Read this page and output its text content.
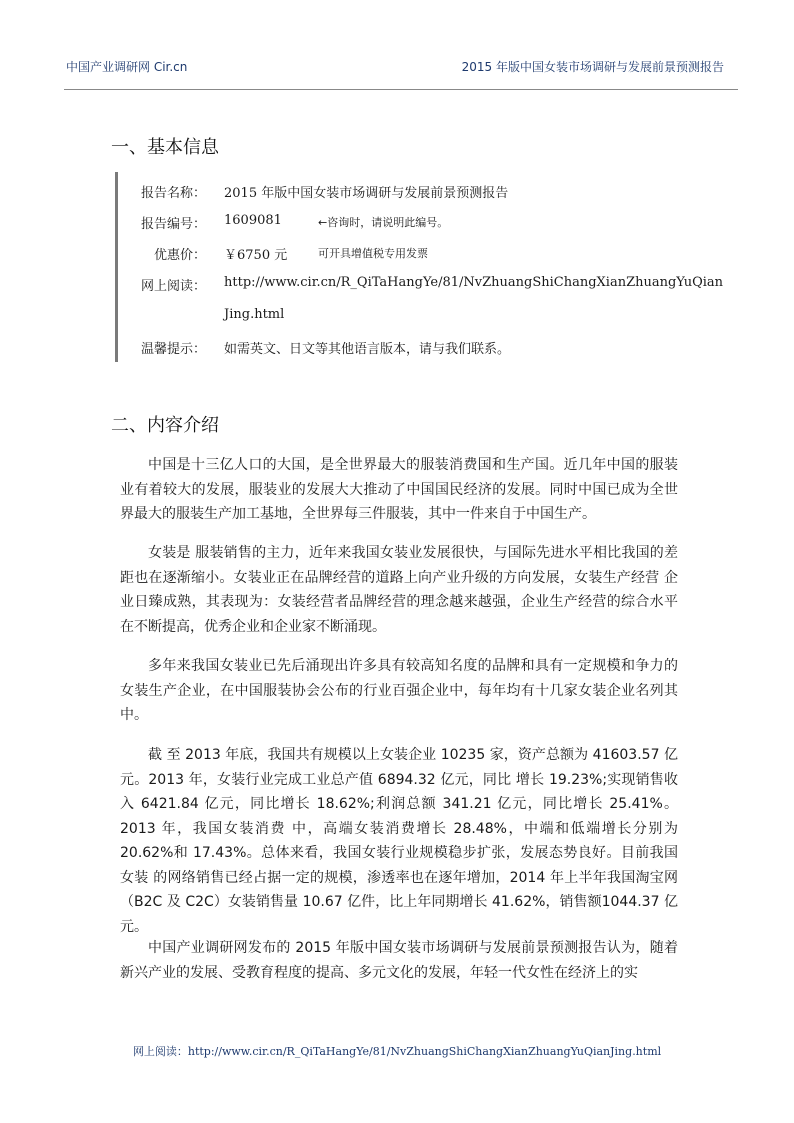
中国产业调研网 Cir.cn	2015 年版中国女装市场调研与发展前景预测报告
一、基本信息
报告名称： 2015 年版中国女装市场调研与发展前景预测报告
报告编号： 1609081	←咨询时，请说明此编号。
优惠价： ￥6750 元	可开具增值税专用发票
网上阅读： http://www.cir.cn/R_QiTaHangYe/81/NvZhuangShiChangXianZhuangYuQian
Jing.html
温馨提示： 如需英文、日文等其他语言版本，请与我们联系。
二、内容介绍

中国是十三亿人口的大国，是全世界最大的服装消费国和生产国。近几年中国的服装业有着较大的发展，服装业的发展大大推动了中国国民经济的发展。同时中国已成为全世界最大的服装生产加工基地，全世界每三件服装，其中一件来自于中国生产。

女装是 服装销售的主力，近年来我国女装业发展很快，与国际先进水平相比我国的差距也在逐渐缩小。女装业正在品牌经营的道路上向产业升级的方向发展，女装生产经营 企业日臻成熟，其表现为：女装经营者品牌经营的理念越来越强，企业生产经营的综合水平在不断提高，优秀企业和企业家不断涌现。

多年来我国女装业已先后涌现出许多具有较高知名度的品牌和具有一定规模和争力的女装生产企业，在中国服装协会公布的行业百强企业中，每年均有十几家女装企业名列其中。

截 至 2013 年底，我国共有规模以上女装企业 10235 家，资产总额为 41603.57 亿元。2013 年，女装行业完成工业总产值 6894.32 亿元，同比 增长 19.23%;实现销售收入 6421.84 亿元，同比增长 18.62%;利润总额 341.21 亿元，同比增长 25.41%。2013 年，我国女装消费 中，高端女装消费增长 28.48%，中端和低端增长分别为 20.62%和 17.43%。总体来看，我国女装行业规模稳步扩张，发展态势良好。目前我国女装 的网络销售已经占据一定的规模，渗透率也在逐年增加，2014 年上半年我国淘宝网（B2C 及 C2C）女装销售量 10.67 亿件，比上年同期增长 41.62%，销售额1044.37 亿元。

中国产业调研网发布的 2015 年版中国女装市场调研与发展前景预测报告认为，随着新兴产业的发展、受教育程度的提高、多元文化的发展，年轻一代女性在经济上的实

网上阅读：http://www.cir.cn/R_QiTaHangYe/81/NvZhuangShiChangXianZhuangYuQianJing.html
